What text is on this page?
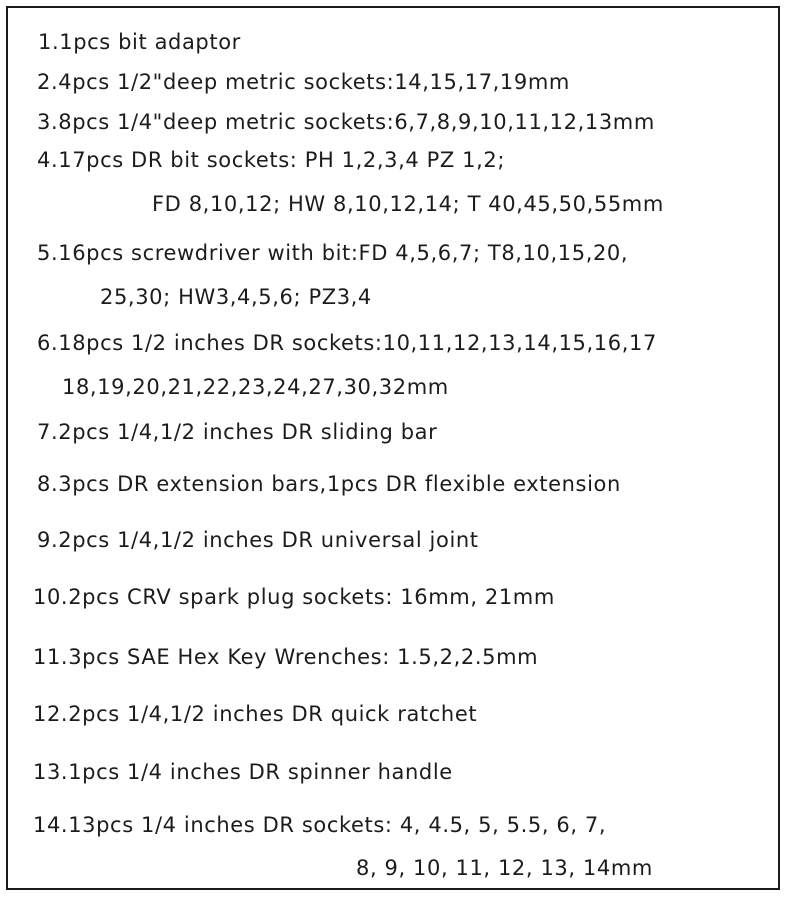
1.1pcs bit adaptor
2.4pcs 1/2"deep metric sockets:14,15,17,19mm
3.8pcs 1/4"deep metric sockets:6,7,8,9,10,11,12,13mm
4.17pcs DR bit sockets: PH 1,2,3,4 PZ 1,2;
FD 8,10,12; HW 8,10,12,14; T 40,45,50,55mm
5.16pcs screwdriver with bit:FD 4,5,6,7; T8,10,15,20,
25,30; HW3,4,5,6; PZ3,4
6.18pcs 1/2 inches DR sockets:10,11,12,13,14,15,16,17
18,19,20,21,22,23,24,27,30,32mm
7.2pcs 1/4,1/2 inches DR sliding bar
8.3pcs DR extension bars,1pcs DR flexible extension
9.2pcs 1/4,1/2 inches DR universal joint
10.2pcs CRV spark plug sockets: 16mm, 21mm
11.3pcs SAE Hex Key Wrenches: 1.5,2,2.5mm
12.2pcs 1/4,1/2 inches DR quick ratchet
13.1pcs 1/4 inches DR spinner handle
14.13pcs 1/4 inches DR sockets: 4, 4.5, 5, 5.5, 6, 7,
8, 9, 10, 11, 12, 13, 14mm
